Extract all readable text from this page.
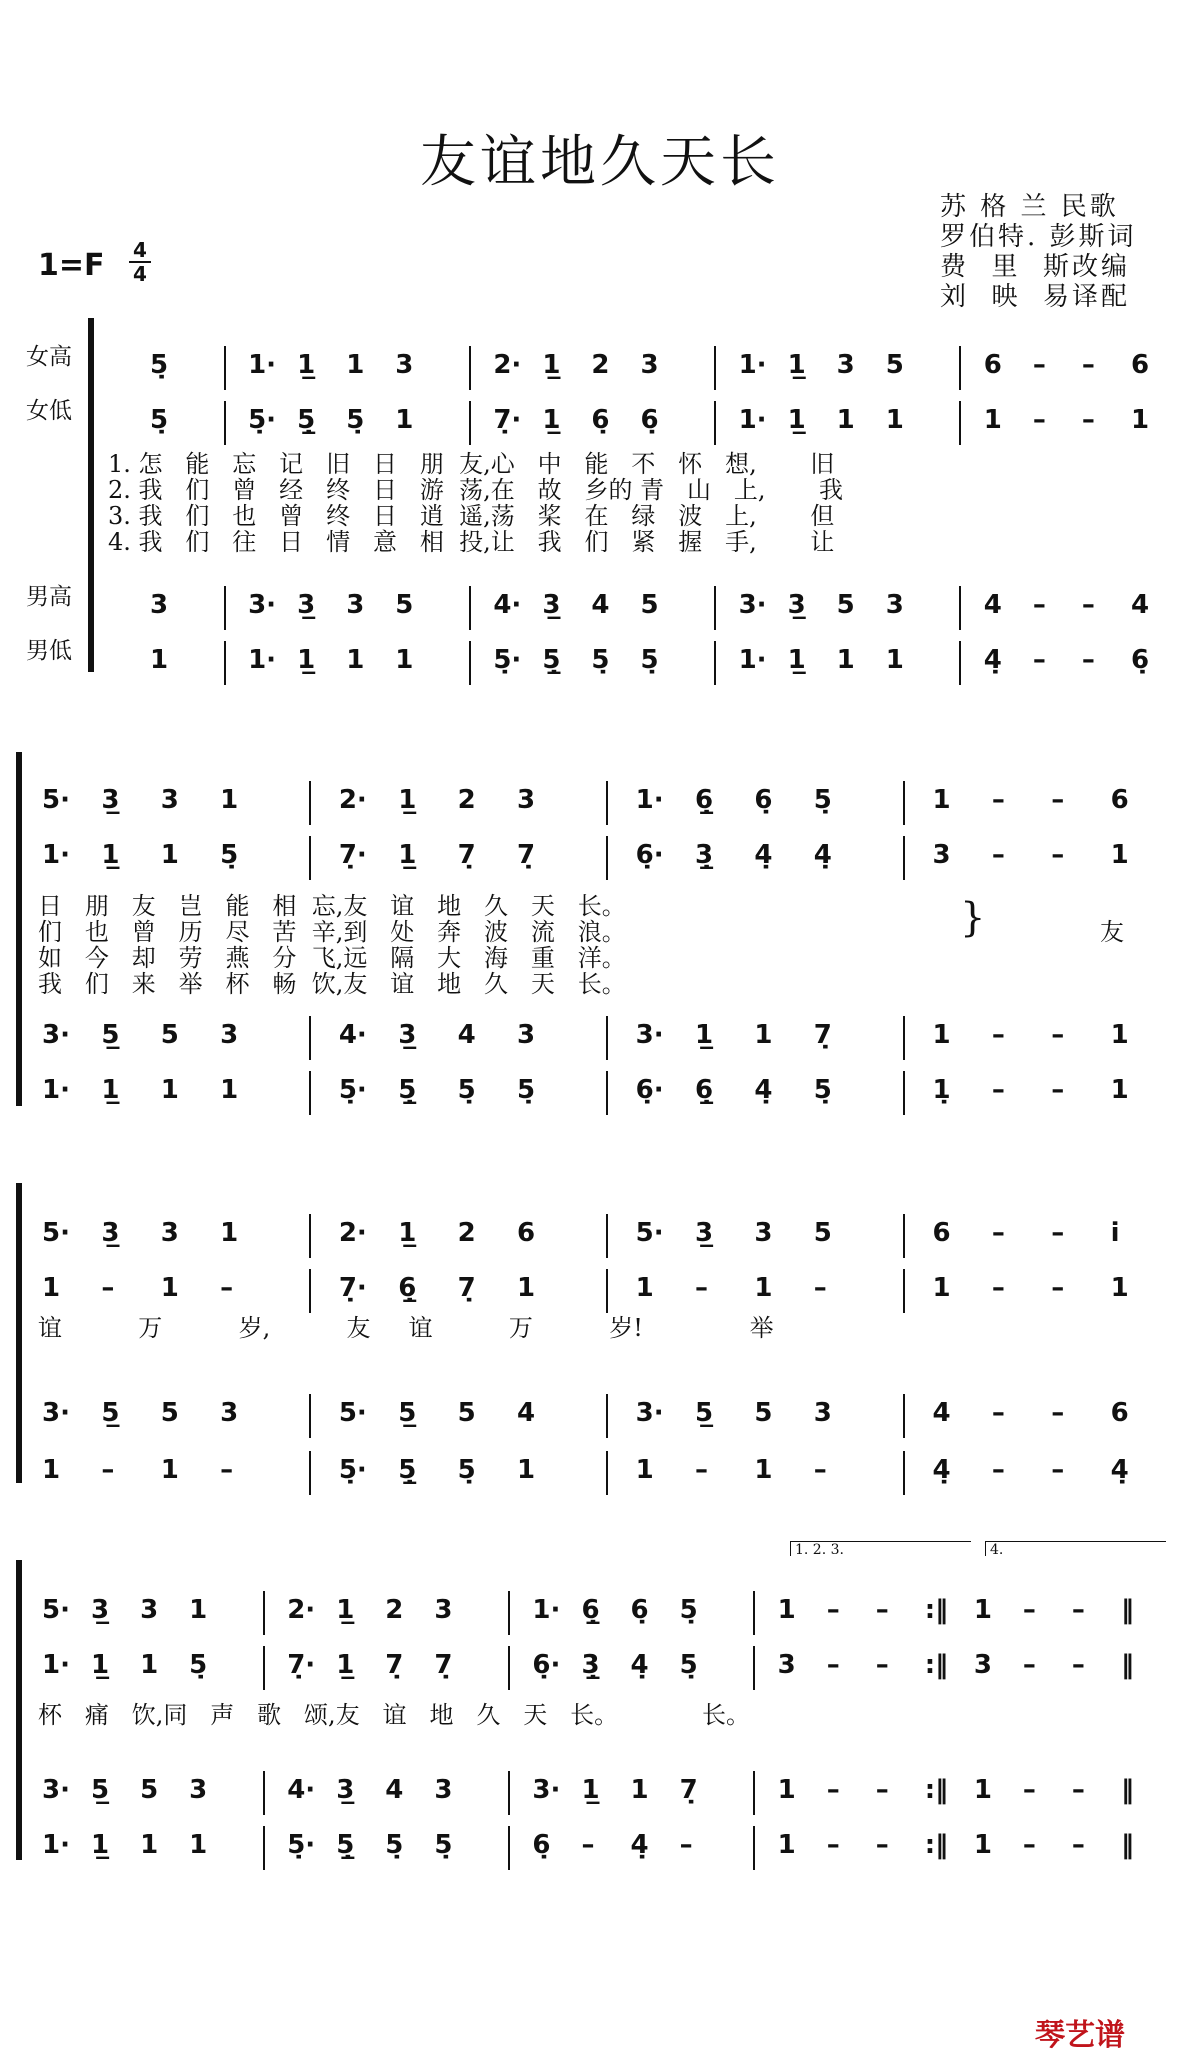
友谊地久天长
苏 格 兰 民歌
罗伯特. 彭斯词
费  里  斯改编
刘  映  易译配
1=F	4
4
女高
女低
男高
男低
1. 怎   能   忘   记   旧   日   朋  友,心   中   能   不   怀   想,       旧
2. 我   们   曾   经   终   日   游  荡,在   故   乡的 青   山   上,       我
3. 我   们   也   曾   终   日   逍  遥,荡   桨   在   绿   波   上,       但
4. 我   们   往   日   情   意   相  投,让   我   们   紧   握   手,       让
日   朋   友   岂   能   相  忘,友   谊   地   久   天   长。
们   也   曾   历   尽   苦  辛,到   处   奔   波   流   浪。
如   今   却   劳   燕   分  飞,远   隔   大   海   重   洋。
我   们   来   举   杯   畅  饮,友   谊   地   久   天   长。
}	友
谊          万          岁,          友     谊          万          岁!              举
杯   痛   饮,同   声   歌   颂,友   谊   地   久   天   长。           长。
1. 2. 3.	4.
琴艺谱
5̣	1· 1̲ 1 3	2· 1̲ 2 3	1· 1̲ 3 5	6 – – 6
5̣	5̣· 5̲̣ 5̣ 1	7̣· 1̲ 6̣ 6̣	1· 1̲ 1 1	1 – – 1
3	3· 3̲ 3 5	4· 3̲ 4 5	3· 3̲ 5 3	4 – – 4
1	1· 1̲ 1 1	5̣· 5̲̣ 5̣ 5̣	1· 1̲ 1 1	4̣ – – 6̣
5· 3̲ 3 1	2· 1̲ 2 3	1· 6̲̣ 6̣ 5̣	1 – – 6
1· 1̲ 1 5̣	7̣· 1̲ 7̣ 7̣	6̣· 3̲̣ 4̣ 4̣	3 – – 1
3· 5̲ 5 3	4· 3̲ 4 3	3· 1̲ 1 7̣	1 – – 1
1· 1̲ 1 1	5̣· 5̲̣ 5̣ 5̣	6̣· 6̲̣ 4̣ 5̣	1̣ – – 1
5· 3̲ 3 1	2· 1̲ 2 6	5· 3̲ 3 5	6 – – i̇
1 – 1 –	7̣· 6̲̣ 7̣ 1	1 – 1 –	1 – – 1
3· 5̲ 5 3	5· 5̲ 5 4	3· 5̲ 5 3	4 – – 6
1 – 1 –	5̣· 5̲̣ 5̣ 1	1 – 1 –	4̣ – – 4̣
5· 3̲ 3 1	2· 1̲ 2 3	1· 6̲̣ 6̣ 5̣	1 – – :‖ 1 – – ‖
1· 1̲ 1 5̣	7̣· 1̲ 7̣ 7̣	6̣· 3̲̣ 4̣ 5̣	3 – – :‖ 3 – – ‖
3· 5̲ 5 3	4· 3̲ 4 3	3· 1̲ 1 7̣	1 – – :‖ 1 – – ‖
1· 1̲ 1 1	5̣· 5̲̣ 5̣ 5̣	6̣ – 4̣ –	1 – – :‖ 1 – – ‖
